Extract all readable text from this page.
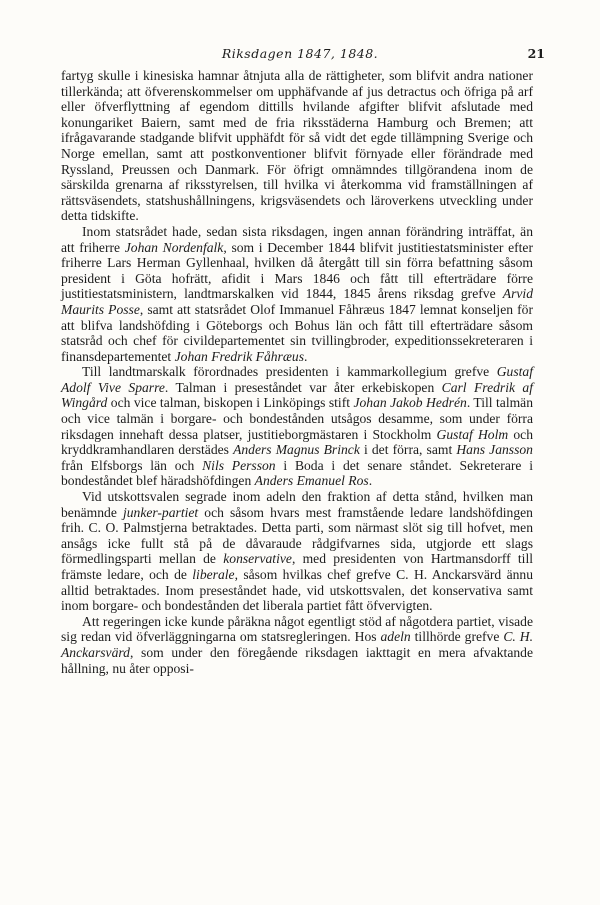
Riksdagen 1847, 1848.	21

fartyg skulle i kinesiska hamnar åtnjuta alla de rättigheter, som blifvit andra nationer tillerkända; att öfverenskommelser om upphäfvande af jus detractus och öfriga på arf eller öfverflyttning af egendom dittills hvilande afgifter blifvit afslutade med konungariket Baiern, samt med de fria riksstäderna Hamburg och Bremen; att ifrågavarande stadgande blifvit upphäfdt för så vidt det egde tillämpning Sverige och Norge emellan, samt att postkonventioner blifvit förnyade eller förändrade med Ryssland, Preussen och Danmark. För öfrigt omnämndes tillgörandena inom de särskilda grenarna af riksstyrelsen, till hvilka vi återkomma vid framställningen af rättsväsendets, statshushållningens, krigsväsendets och läroverkens utveckling under detta tidskifte.

Inom statsrådet hade, sedan sista riksdagen, ingen annan förändring inträffat, än att friherre Johan Nordenfalk, som i December 1844 blifvit justitiestatsminister efter friherre Lars Herman Gyllenhaal, hvilken då återgått till sin förra befattning såsom president i Göta hofrätt, afidit i Mars 1846 och fått till efterträdare förre justitiestatsministern, landtmarskalken vid 1844, 1845 årens riksdag grefve Arvid Maurits Posse, samt att statsrådet Olof Immanuel Fåhræus 1847 lemnat konseljen för att blifva landshöfding i Göteborgs och Bohus län och fått till efterträdare såsom statsråd och chef för civildepartementet sin tvillingbroder, expeditionssekreteraren i finansdepartementet Johan Fredrik Fåhræus.

Till landtmarskalk förordnades presidenten i kammarkollegium grefve Gustaf Adolf Vive Sparre. Talman i preseståndet var åter erkebiskopen Carl Fredrik af Wingård och vice talman, biskopen i Linköpings stift Johan Jakob Hedrén. Till talmän och vice talmän i borgare- och bondestånden utsågos desamme, som under förra riksdagen innehaft dessa platser, justitieborgmästaren i Stockholm Gustaf Holm och kryddkramhandlaren derstädes Anders Magnus Brinck i det förra, samt Hans Jansson från Elfsborgs län och Nils Persson i Boda i det senare ståndet. Sekreterare i bondeståndet blef häradshöfdingen Anders Emanuel Ros.

Vid utskottsvalen segrade inom adeln den fraktion af detta stånd, hvilken man benämnde junker-partiet och såsom hvars mest framstående ledare landshöfdingen frih. C. O. Palmstjerna betraktades. Detta parti, som närmast slöt sig till hofvet, men ansågs icke fullt stå på de dåvaraude rådgifvarnes sida, utgjorde ett slags förmedlingsparti mellan de konservative, med presidenten von Hartmansdorff till främste ledare, och de liberale, såsom hvilkas chef grefve C. H. Anckarsvärd ännu alltid betraktades. Inom preseståndet hade, vid utskottsvalen, det konservativa samt inom borgare- och bondestånden det liberala partiet fått öfvervigten.

Att regeringen icke kunde påräkna något egentligt stöd af någotdera partiet, visade sig redan vid öfverläggningarna om statsregleringen. Hos adeln tillhörde grefve C. H. Anckarsvärd, som under den föregående riksdagen iakttagit en mera afvaktande hållning, nu åter opposi-
